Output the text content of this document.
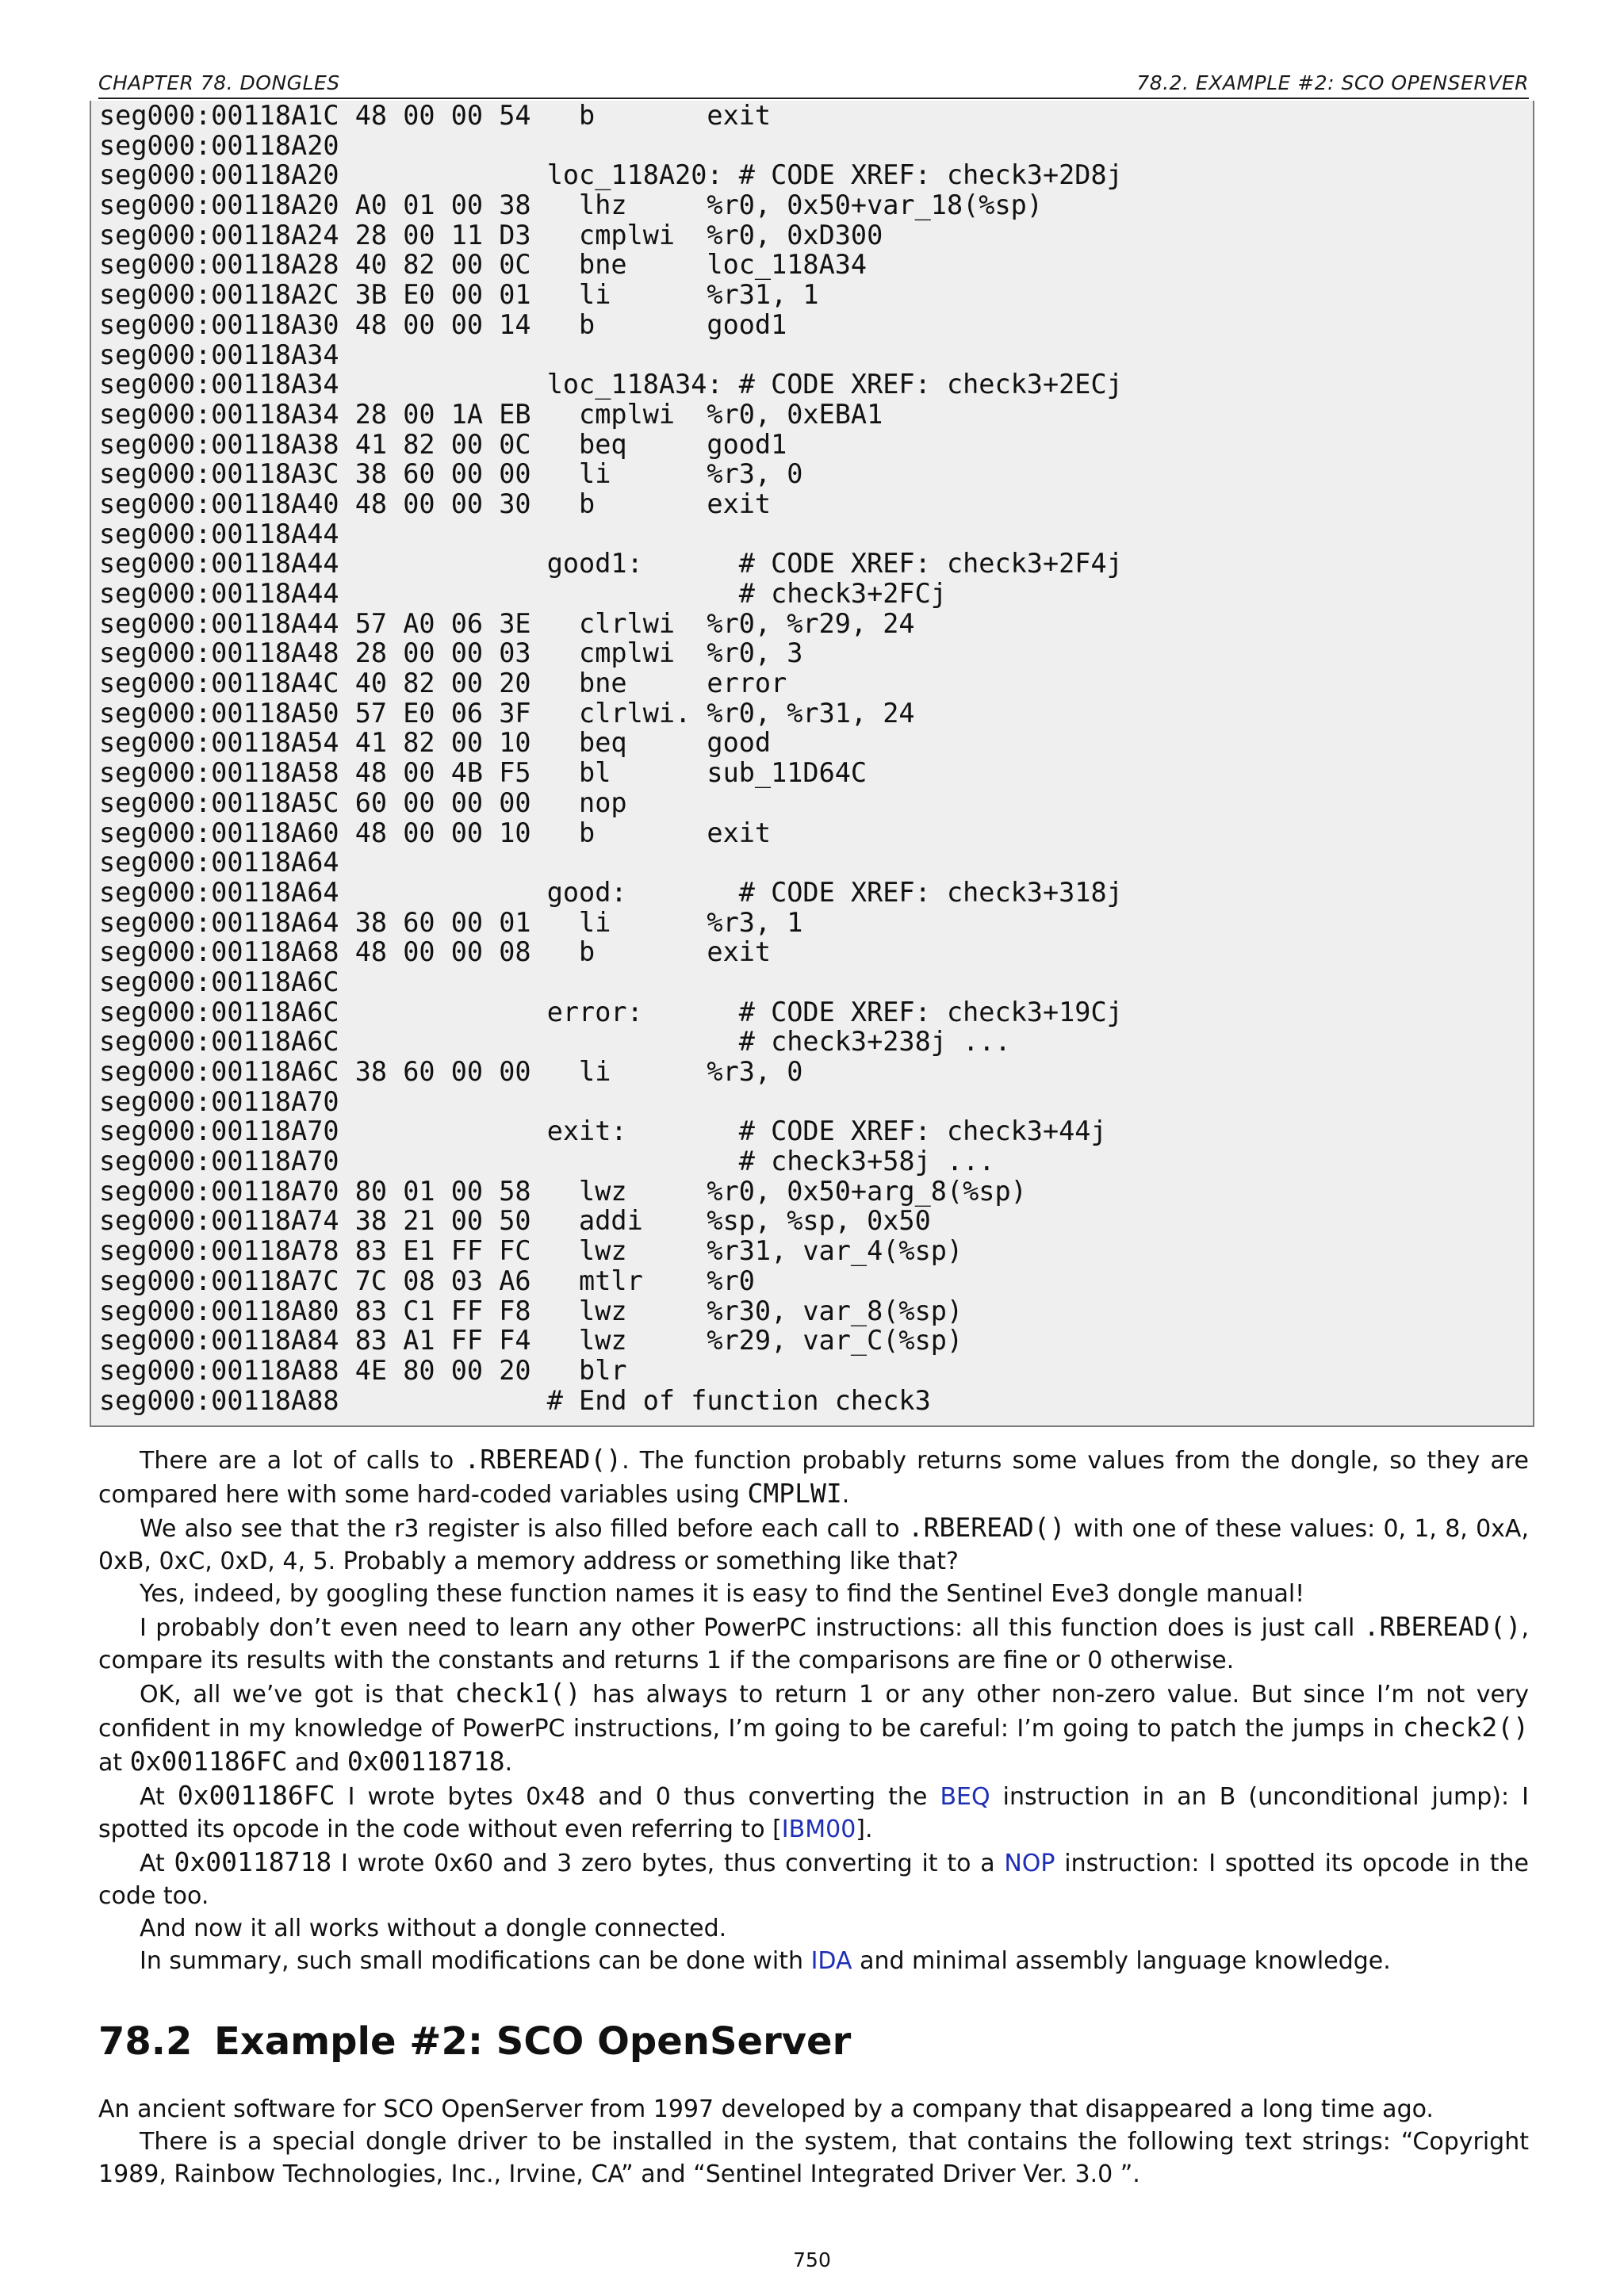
CHAPTER 78. DONGLES	78.2. EXAMPLE #2: SCO OPENSERVER
seg000:00118A1C 48 00 00 54   b       exit
seg000:00118A20
seg000:00118A20             loc_118A20: # CODE XREF: check3+2D8j
seg000:00118A20 A0 01 00 38   lhz     %r0, 0x50+var_18(%sp)
seg000:00118A24 28 00 11 D3   cmplwi  %r0, 0xD300
seg000:00118A28 40 82 00 0C   bne     loc_118A34
seg000:00118A2C 3B E0 00 01   li      %r31, 1
seg000:00118A30 48 00 00 14   b       good1
seg000:00118A34
seg000:00118A34             loc_118A34: # CODE XREF: check3+2ECj
seg000:00118A34 28 00 1A EB   cmplwi  %r0, 0xEBA1
seg000:00118A38 41 82 00 0C   beq     good1
seg000:00118A3C 38 60 00 00   li      %r3, 0
seg000:00118A40 48 00 00 30   b       exit
seg000:00118A44
seg000:00118A44             good1:      # CODE XREF: check3+2F4j
seg000:00118A44                         # check3+2FCj
seg000:00118A44 57 A0 06 3E   clrlwi  %r0, %r29, 24
seg000:00118A48 28 00 00 03   cmplwi  %r0, 3
seg000:00118A4C 40 82 00 20   bne     error
seg000:00118A50 57 E0 06 3F   clrlwi. %r0, %r31, 24
seg000:00118A54 41 82 00 10   beq     good
seg000:00118A58 48 00 4B F5   bl      sub_11D64C
seg000:00118A5C 60 00 00 00   nop
seg000:00118A60 48 00 00 10   b       exit
seg000:00118A64
seg000:00118A64             good:       # CODE XREF: check3+318j
seg000:00118A64 38 60 00 01   li      %r3, 1
seg000:00118A68 48 00 00 08   b       exit
seg000:00118A6C
seg000:00118A6C             error:      # CODE XREF: check3+19Cj
seg000:00118A6C                         # check3+238j ...
seg000:00118A6C 38 60 00 00   li      %r3, 0
seg000:00118A70
seg000:00118A70             exit:       # CODE XREF: check3+44j
seg000:00118A70                         # check3+58j ...
seg000:00118A70 80 01 00 58   lwz     %r0, 0x50+arg_8(%sp)
seg000:00118A74 38 21 00 50   addi    %sp, %sp, 0x50
seg000:00118A78 83 E1 FF FC   lwz     %r31, var_4(%sp)
seg000:00118A7C 7C 08 03 A6   mtlr    %r0
seg000:00118A80 83 C1 FF F8   lwz     %r30, var_8(%sp)
seg000:00118A84 83 A1 FF F4   lwz     %r29, var_C(%sp)
seg000:00118A88 4E 80 00 20   blr
seg000:00118A88             # End of function check3

There are a lot of calls to .RBEREAD(). The function probably returns some values from the dongle, so they are compared here with some hard-coded variables using CMPLWI.

We also see that the r3 register is also filled before each call to .RBEREAD() with one of these values: 0, 1, 8, 0xA, 0xB, 0xC, 0xD, 4, 5. Probably a memory address or something like that?

Yes, indeed, by googling these function names it is easy to find the Sentinel Eve3 dongle manual!

I probably don’t even need to learn any other PowerPC instructions: all this function does is just call .RBEREAD(), compare its results with the constants and returns 1 if the comparisons are fine or 0 otherwise.

OK, all we’ve got is that check1() has always to return 1 or any other non-zero value. But since I’m not very confident in my knowledge of PowerPC instructions, I’m going to be careful: I’m going to patch the jumps in check2() at 0x001186FC and 0x00118718.

At 0x001186FC I wrote bytes 0x48 and 0 thus converting the BEQ instruction in an B (unconditional jump): I spotted its opcode in the code without even referring to [IBM00].

At 0x00118718 I wrote 0x60 and 3 zero bytes, thus converting it to a NOP instruction: I spotted its opcode in the code too.

And now it all works without a dongle connected.

In summary, such small modifications can be done with IDA and minimal assembly language knowledge.

78.2 Example #2: SCO OpenServer

An ancient software for SCO OpenServer from 1997 developed by a company that disappeared a long time ago.

There is a special dongle driver to be installed in the system, that contains the following text strings: “Copyright 1989, Rainbow Technologies, Inc., Irvine, CA” and “Sentinel Integrated Driver Ver. 3.0 ”.

750
